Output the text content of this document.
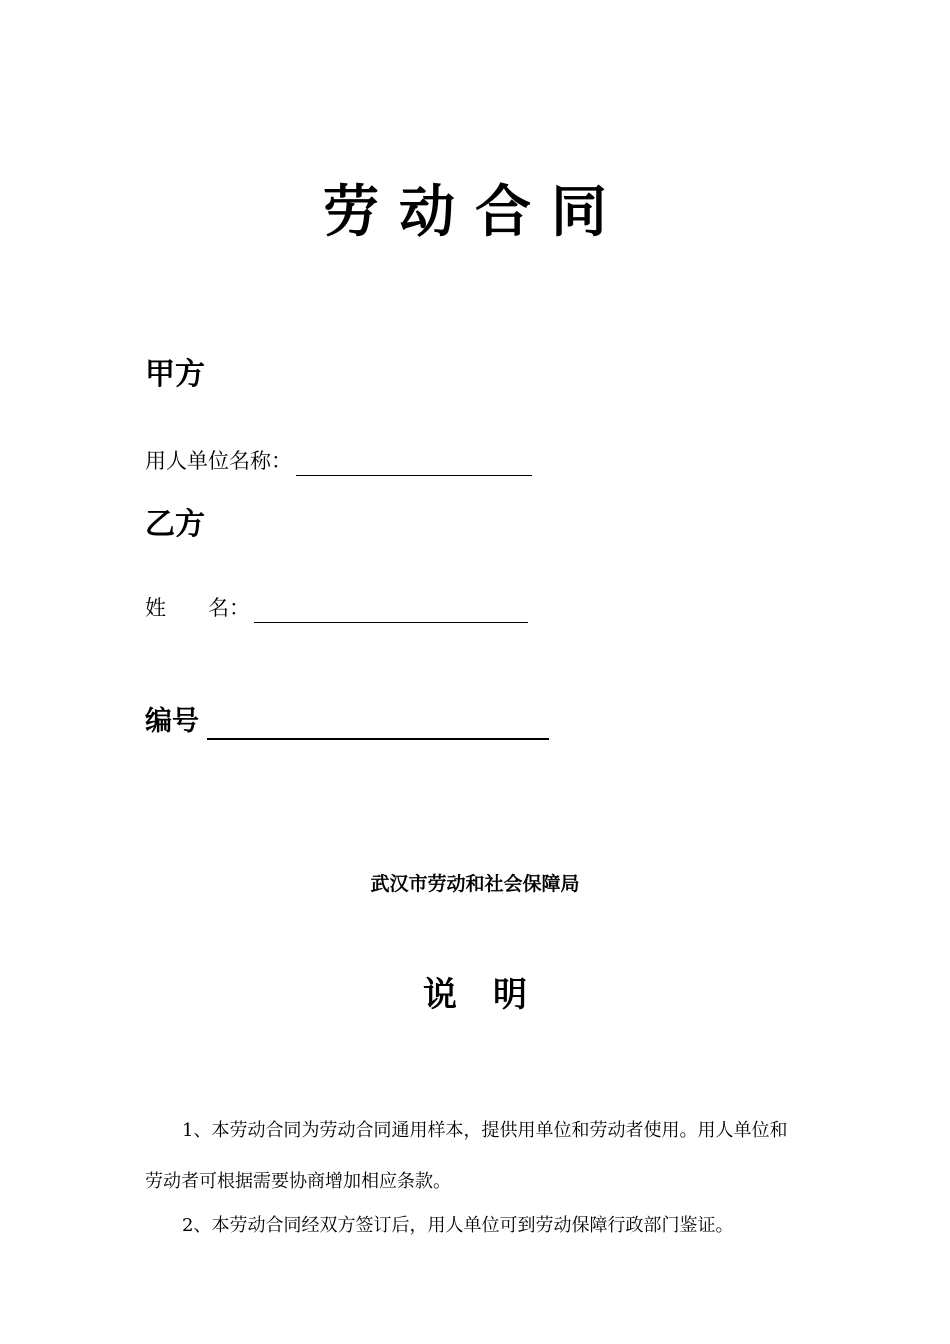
劳动合同
甲方
用人单位名称：
乙方
姓　　名：
编号
武汉市劳动和社会保障局
说明
1、本劳动合同为劳动合同通用样本，提供用单位和劳动者使用。用人单位和
劳动者可根据需要协商增加相应条款。
2、本劳动合同经双方签订后，用人单位可到劳动保障行政部门鉴证。
